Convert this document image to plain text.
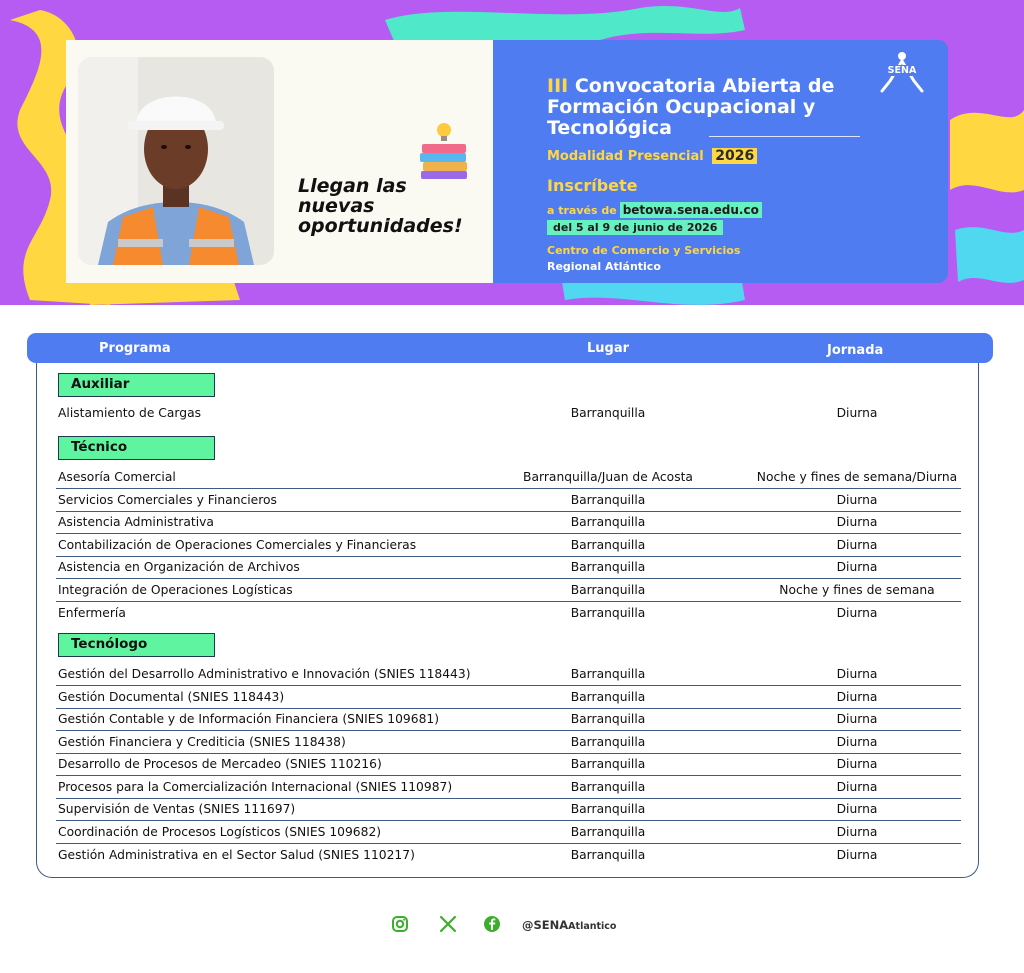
Llegan las nuevas oportunidades!
III Convocatoria Abierta de Formación Ocupacional y Tecnológica
Modalidad Presencial 2026
Inscríbete
a través de betowa.sena.edu.co
del 5 al 9 de junio de 2026
Centro de Comercio y Servicios
Regional Atlántico
SENA
Programa	Lugar	Jornada
Auxiliar
Alistamiento de Cargas	Barranquilla	Diurna
Técnico
Asesoría Comercial	Barranquilla/Juan de Acosta	Noche y fines de semana/Diurna
Servicios Comerciales y Financieros	Barranquilla	Diurna
Asistencia Administrativa	Barranquilla	Diurna
Contabilización de Operaciones Comerciales y Financieras	Barranquilla	Diurna
Asistencia en Organización de Archivos	Barranquilla	Diurna
Integración de Operaciones Logísticas	Barranquilla	Noche y fines de semana
Enfermería	Barranquilla	Diurna
Tecnólogo
Gestión del Desarrollo Administrativo e Innovación (SNIES 118443)	Barranquilla	Diurna
Gestión Documental (SNIES 118443)	Barranquilla	Diurna
Gestión Contable y de Información Financiera (SNIES 109681)	Barranquilla	Diurna
Gestión Financiera y Crediticia (SNIES 118438)	Barranquilla	Diurna
Desarrollo de Procesos de Mercadeo (SNIES 110216)	Barranquilla	Diurna
Procesos para la Comercialización Internacional (SNIES 110987)	Barranquilla	Diurna
Supervisión de Ventas (SNIES 111697)	Barranquilla	Diurna
Coordinación de Procesos Logísticos (SNIES 109682)	Barranquilla	Diurna
Gestión Administrativa en el Sector Salud (SNIES 110217)	Barranquilla	Diurna
@SENAAtlantico
